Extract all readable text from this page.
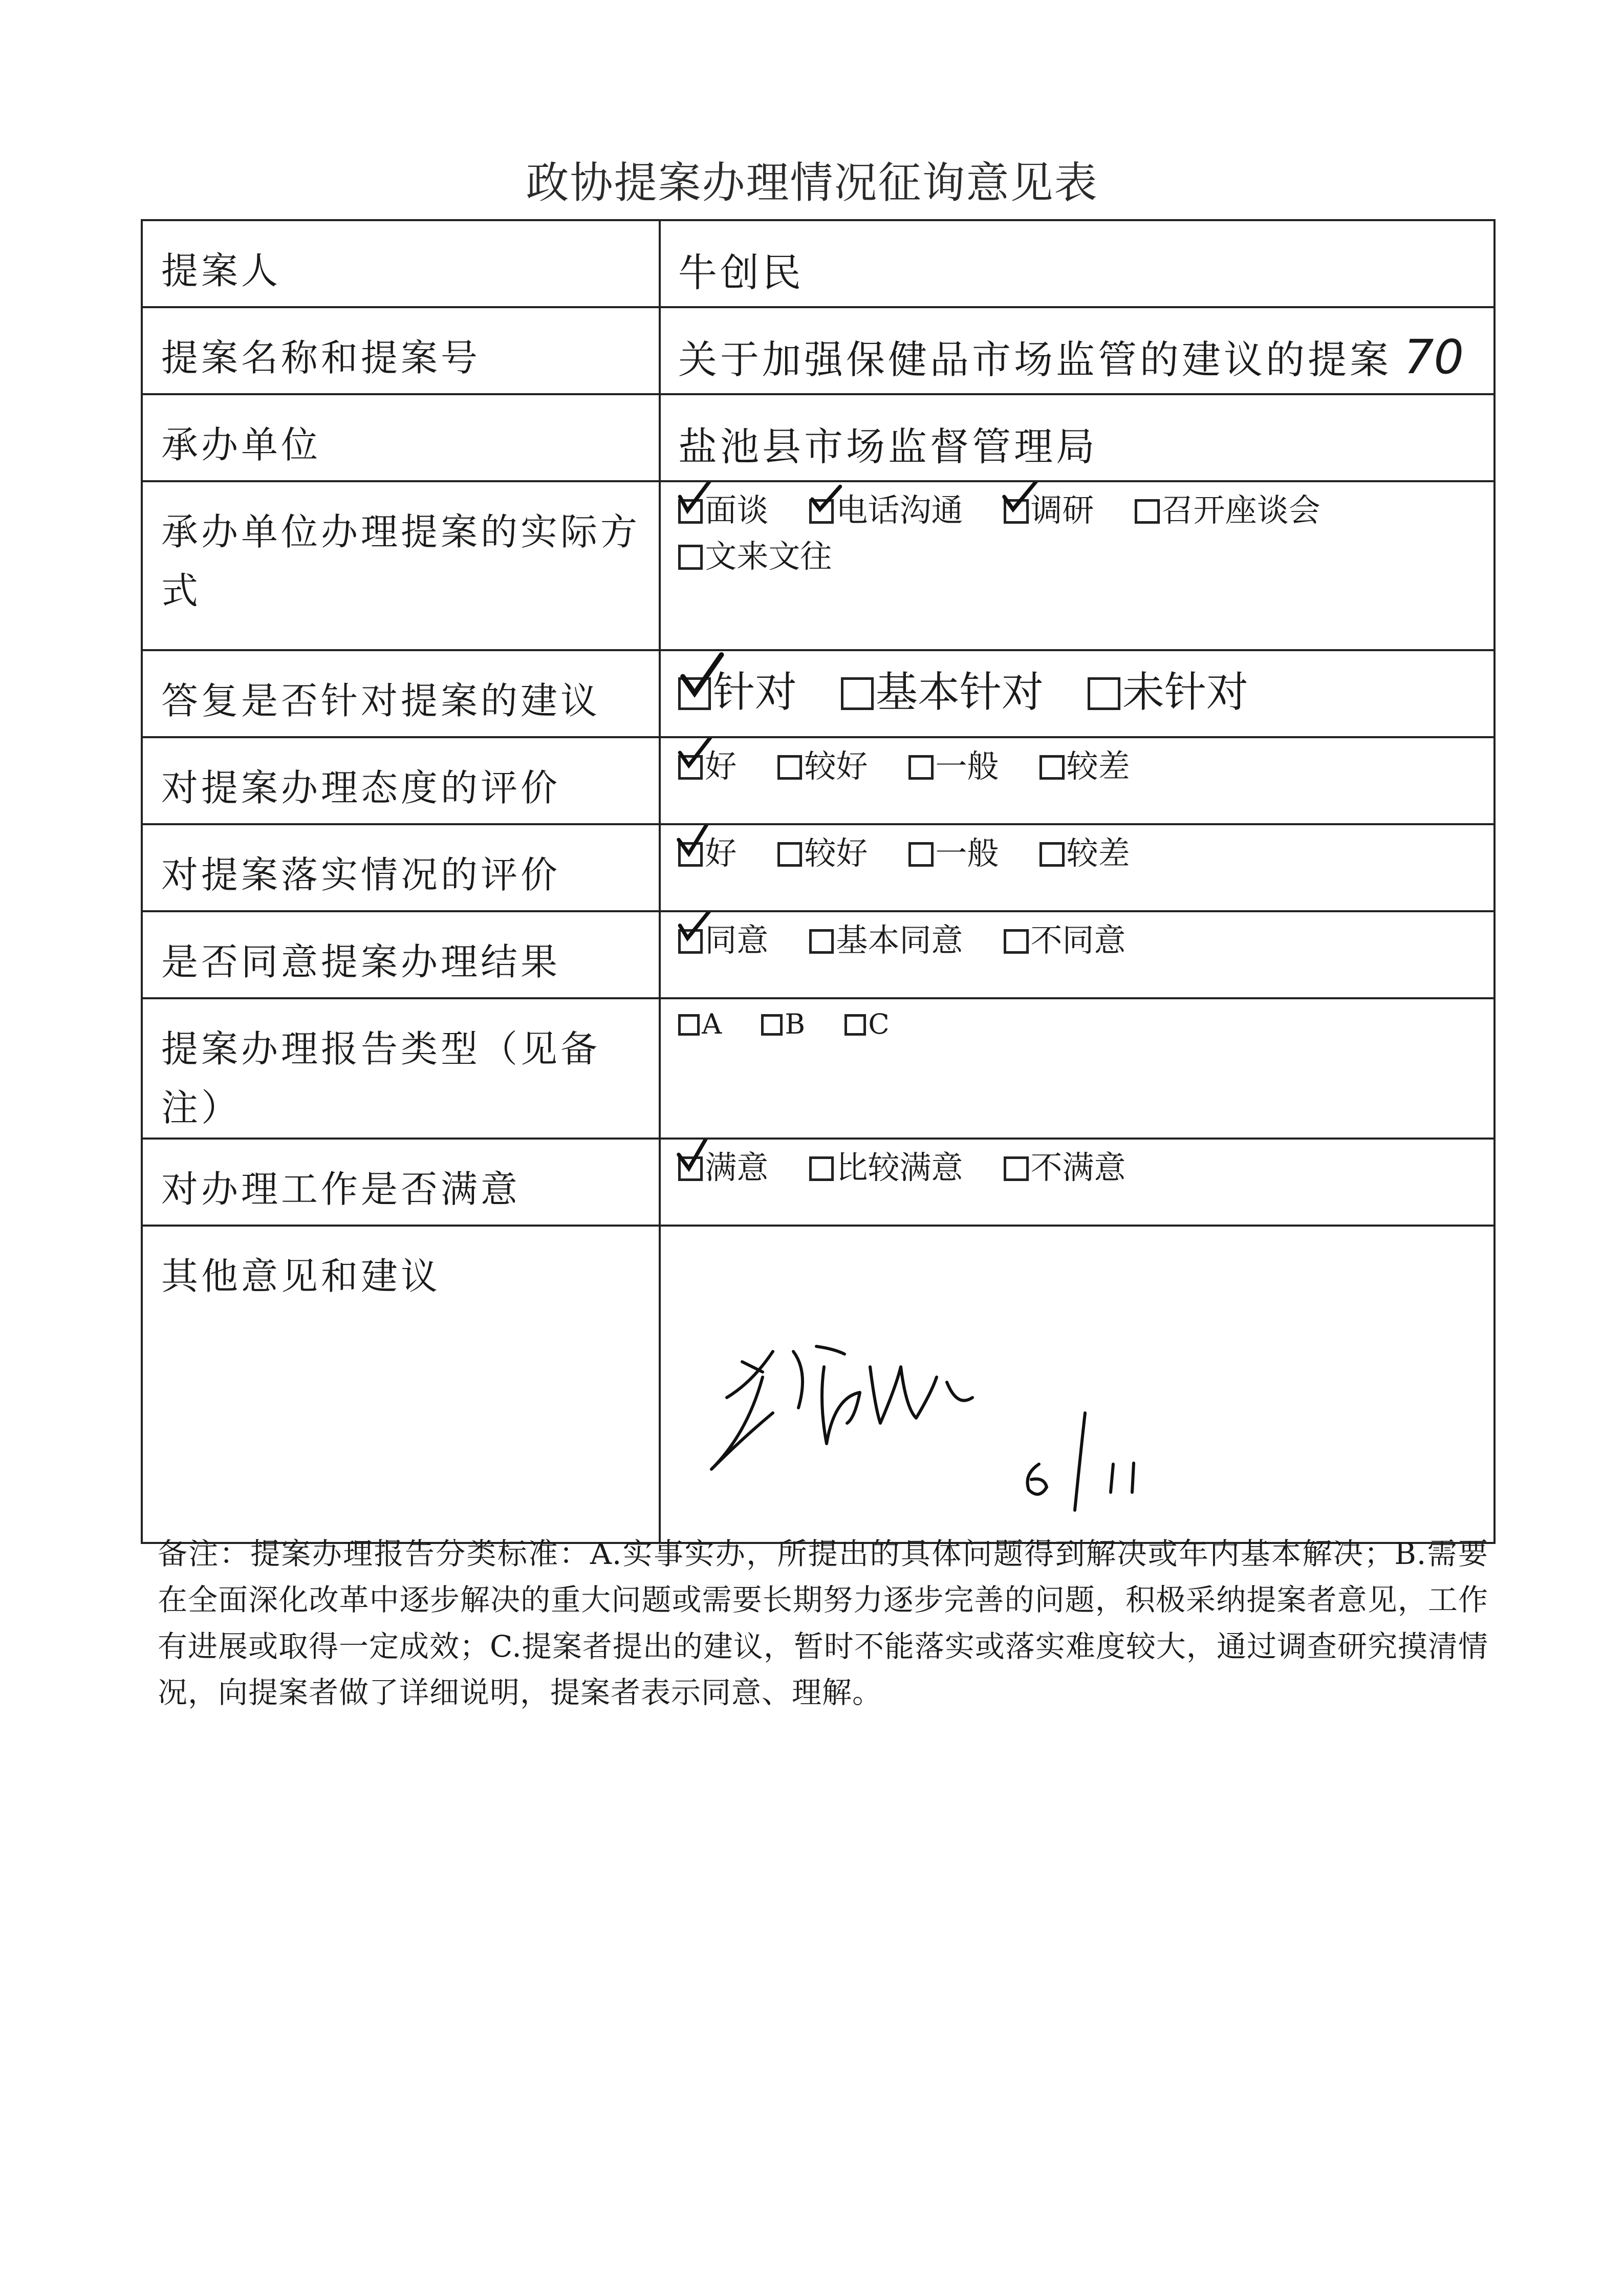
政协提案办理情况征询意见表
提案人	牛创民

提案名称和提案号	关于加强保健品市场监管的建议的提案 70

承办单位	盐池县市场监督管理局

承办单位办理提案的实际方式	面谈 电话沟通 调研 召开座谈会 文来文往

答复是否针对提案的建议	针对 基本针对 未针对

对提案办理态度的评价	好 较好 一般 较差

对提案落实情况的评价	好 较好 一般 较差

是否同意提案办理结果	同意 基本同意 不同意

提案办理报告类型（见备注）	A B C

对办理工作是否满意	满意 比较满意 不满意

其他意见和建议	
备注：提案办理报告分类标准：A.实事实办，所提出的具体问题得到解决或年内基本解决；B.需要在全面深化改革中逐步解决的重大问题或需要长期努力逐步完善的问题，积极采纳提案者意见，工作有进展或取得一定成效；C.提案者提出的建议，暂时不能落实或落实难度较大，通过调查研究摸清情况，向提案者做了详细说明，提案者表示同意、理解。
